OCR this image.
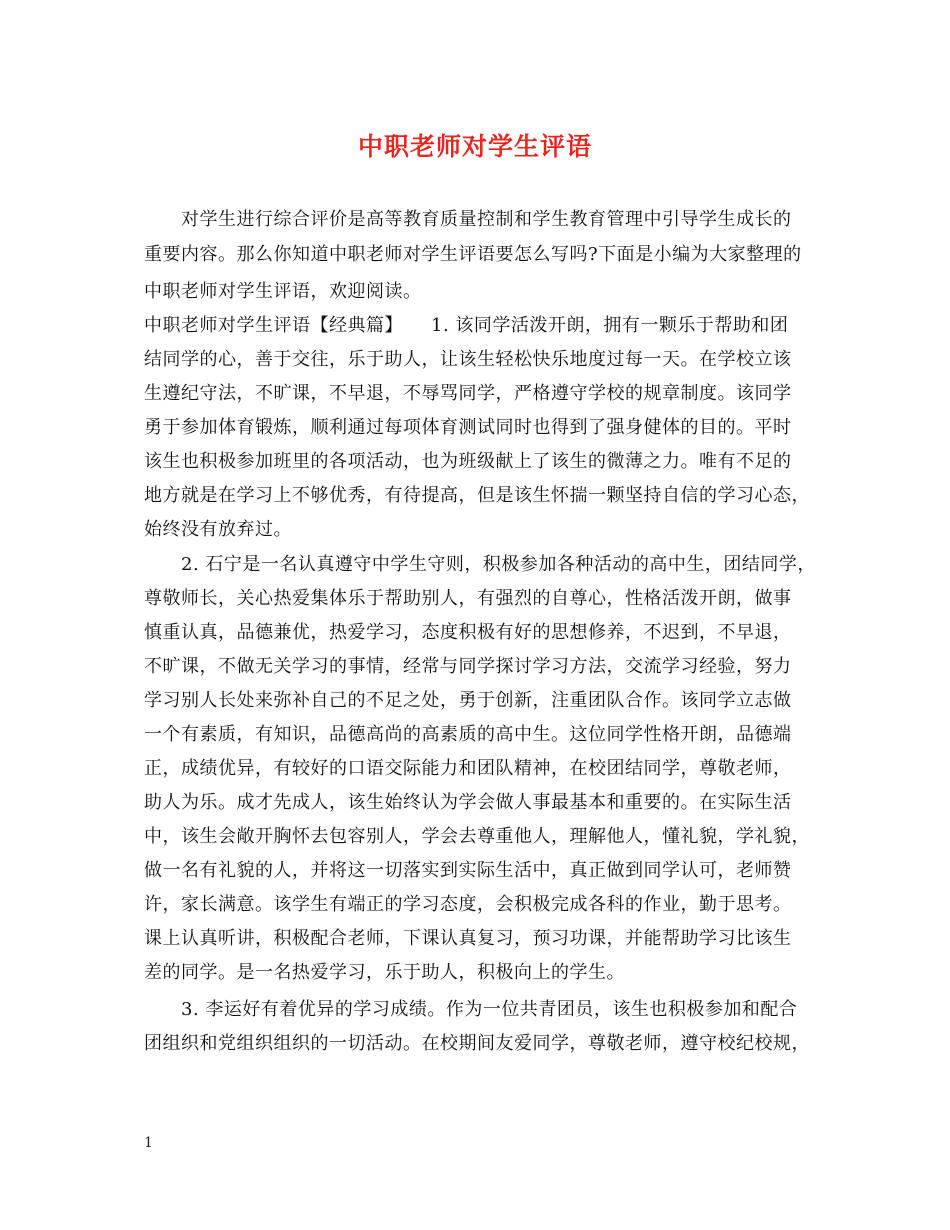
中职老师对学生评语
对学生进行综合评价是高等教育质量控制和学生教育管理中引导学生成长的
重要内容。那么你知道中职老师对学生评语要怎么写吗?下面是小编为大家整理的
中职老师对学生评语，欢迎阅读。
中职老师对学生评语【经典篇】　　1. 该同学活泼开朗，拥有一颗乐于帮助和团
结同学的心，善于交往，乐于助人，让该生轻松快乐地度过每一天。在学校立该
生遵纪守法，不旷课，不早退，不辱骂同学，严格遵守学校的规章制度。该同学
勇于参加体育锻炼，顺利通过每项体育测试同时也得到了强身健体的目的。平时
该生也积极参加班里的各项活动，也为班级献上了该生的微薄之力。唯有不足的
地方就是在学习上不够优秀，有待提高，但是该生怀揣一颗坚持自信的学习心态，
始终没有放弃过。
2. 石宁是一名认真遵守中学生守则，积极参加各种活动的高中生，团结同学，
尊敬师长，关心热爱集体乐于帮助别人，有强烈的自尊心，性格活泼开朗，做事
慎重认真，品德兼优，热爱学习，态度积极有好的思想修养，不迟到，不早退，
不旷课，不做无关学习的事情，经常与同学探讨学习方法，交流学习经验，努力
学习别人长处来弥补自己的不足之处，勇于创新，注重团队合作。该同学立志做
一个有素质，有知识，品德高尚的高素质的高中生。这位同学性格开朗，品德端
正，成绩优异，有较好的口语交际能力和团队精神，在校团结同学，尊敬老师，
助人为乐。成才先成人，该生始终认为学会做人事最基本和重要的。在实际生活
中，该生会敞开胸怀去包容别人，学会去尊重他人，理解他人，懂礼貌，学礼貌，
做一名有礼貌的人，并将这一切落实到实际生活中，真正做到同学认可，老师赞
许，家长满意。该学生有端正的学习态度，会积极完成各科的作业，勤于思考。
课上认真听讲，积极配合老师，下课认真复习，预习功课，并能帮助学习比该生
差的同学。是一名热爱学习，乐于助人，积极向上的学生。
3. 李运好有着优异的学习成绩。作为一位共青团员，该生也积极参加和配合
团组织和党组织组织的一切活动。在校期间友爱同学，尊敬老师，遵守校纪校规，
1
